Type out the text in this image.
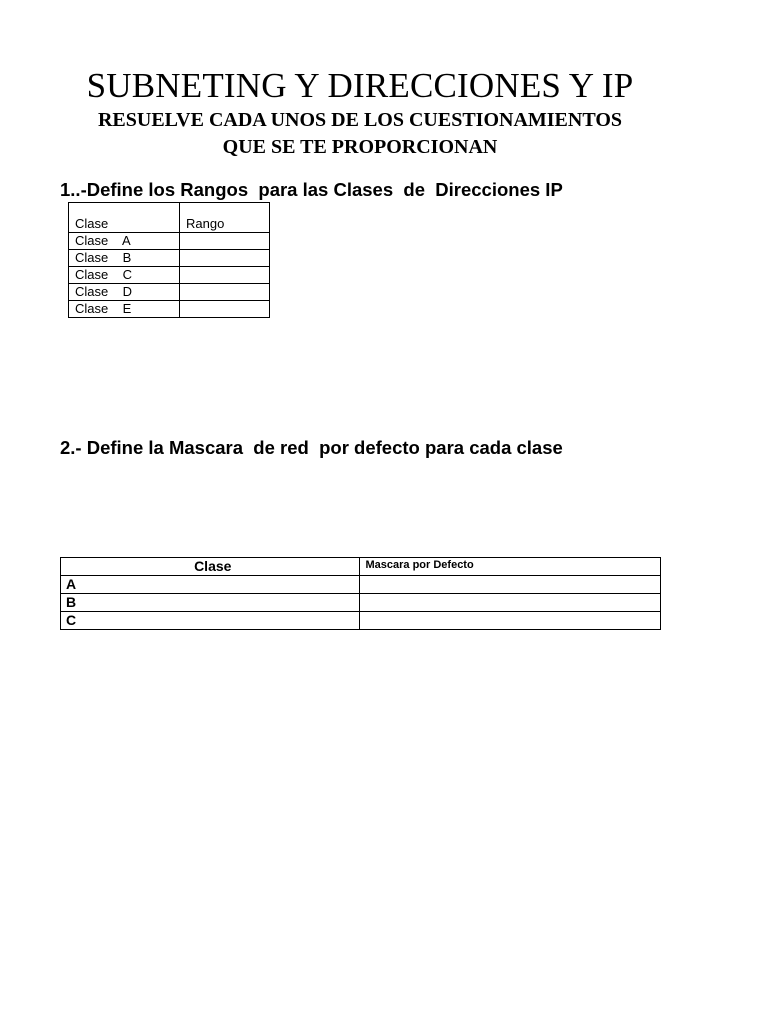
SUBNETING Y DIRECCIONES Y IP
RESUELVE CADA UNOS DE LOS CUESTIONAMIENTOS
QUE SE TE PROPORCIONAN
1..-Define los Rangos  para las Clases  de  Direcciones IP
Clase	Rango
Clase    A	
Clase    B	
Clase    C	
Clase    D	
Clase    E	
2.- Define la Mascara  de red  por defecto para cada clase
Clase	Mascara por Defecto
A	
B	
C	
